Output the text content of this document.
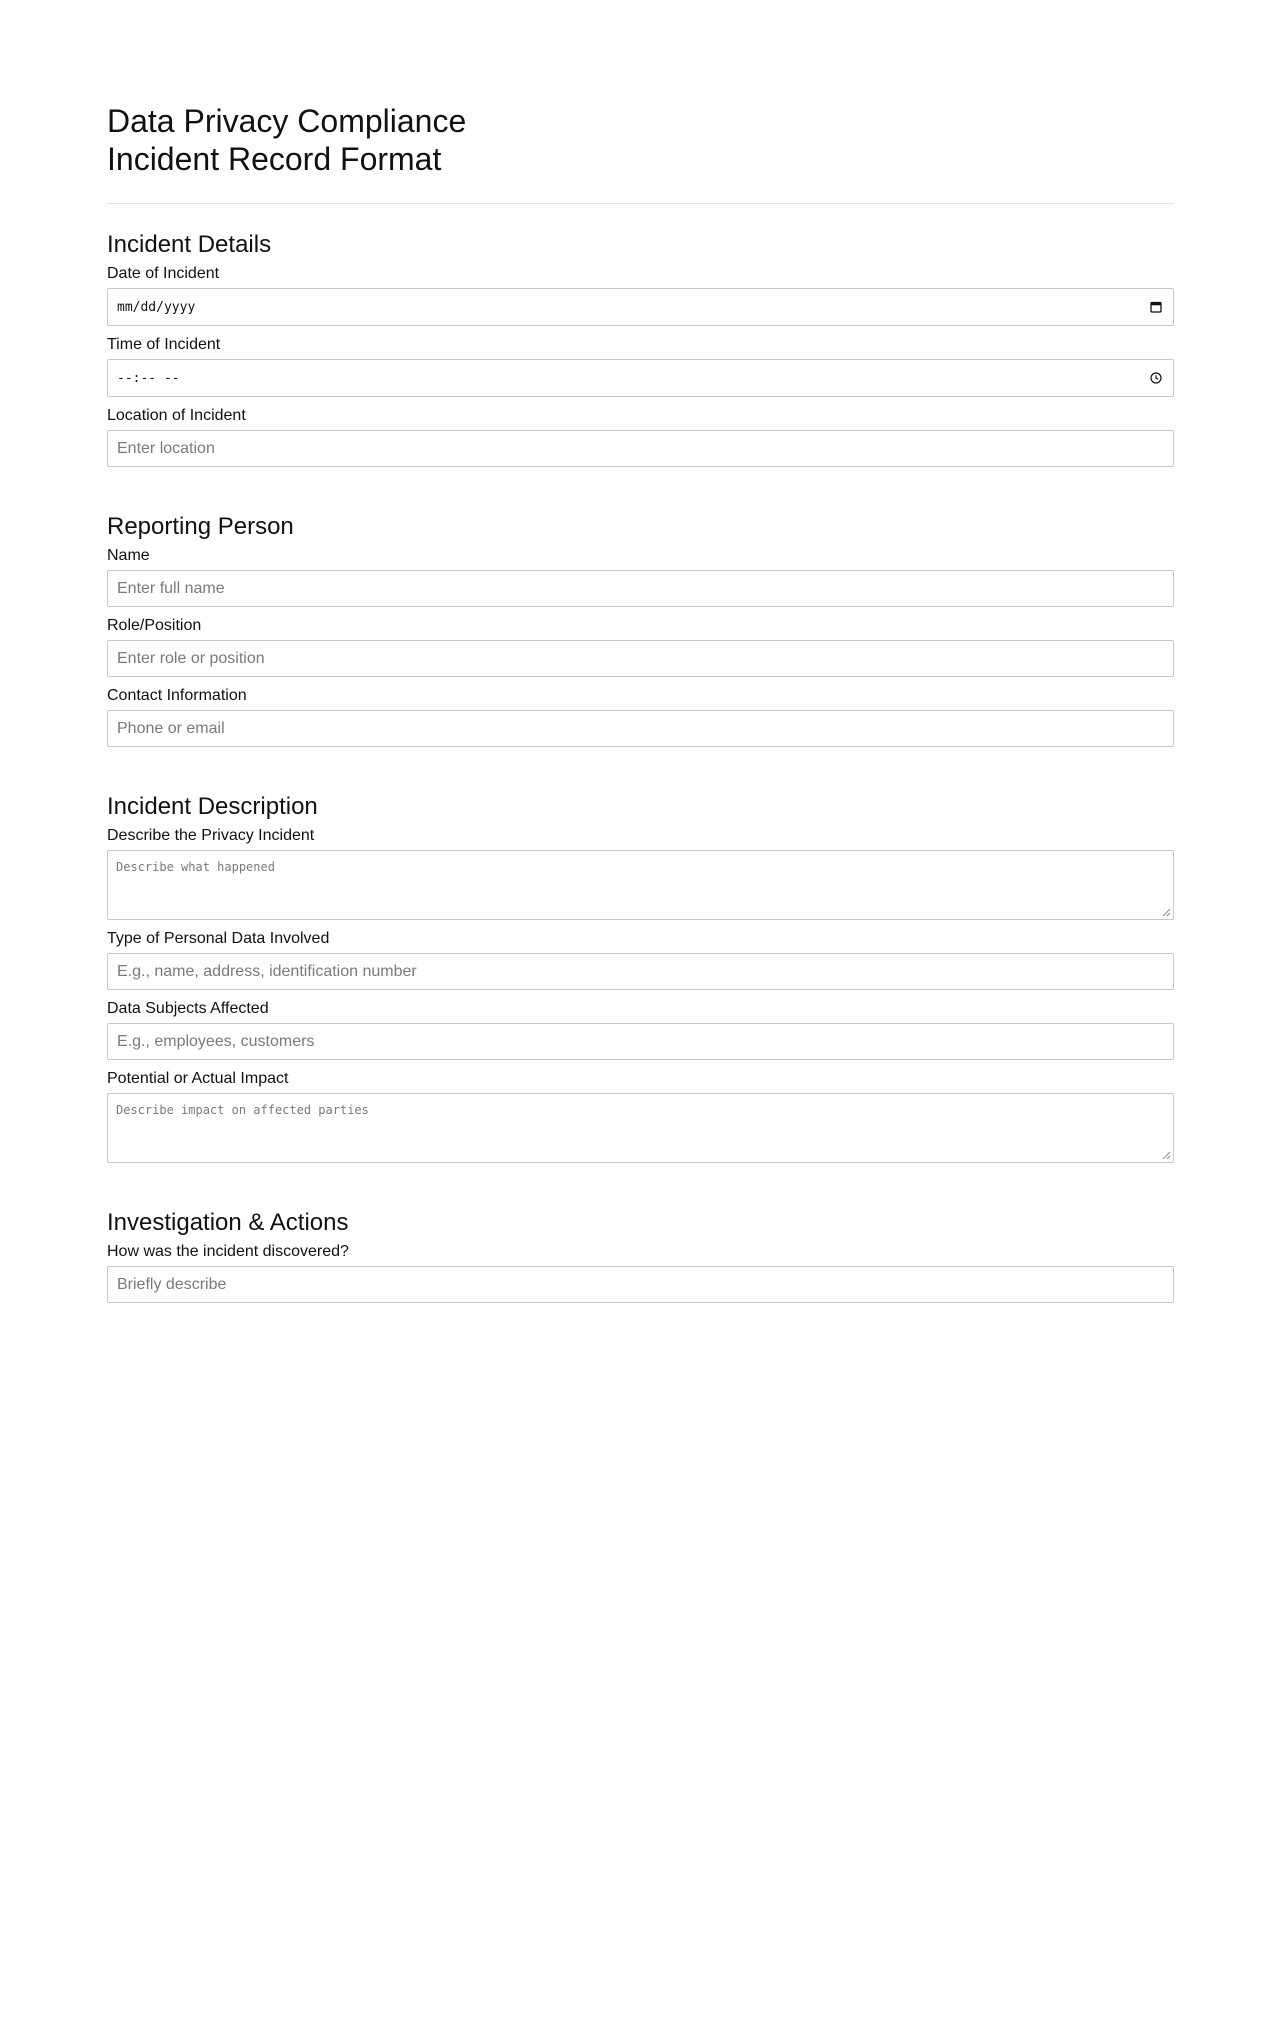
Data Privacy Compliance
Incident Record Format
Incident Details
Date of Incident
mm/dd/yyyy
Time of Incident
--:-- --
Location of Incident
Enter location
Reporting Person
Name
Enter full name
Role/Position
Enter role or position
Contact Information
Phone or email
Incident Description
Describe the Privacy Incident
Describe what happened
Type of Personal Data Involved
E.g., name, address, identification number
Data Subjects Affected
E.g., employees, customers
Potential or Actual Impact
Describe impact on affected parties
Investigation & Actions
How was the incident discovered?
Briefly describe
